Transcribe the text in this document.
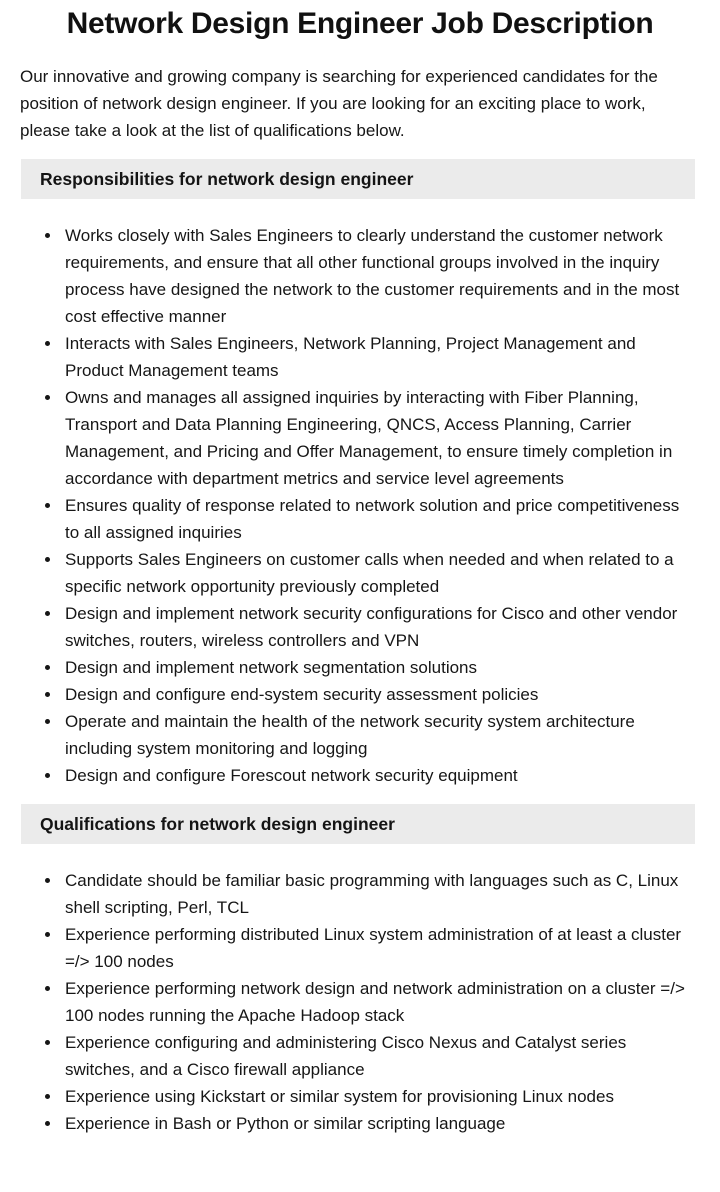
Network Design Engineer Job Description

Our innovative and growing company is searching for experienced candidates for the position of network design engineer. If you are looking for an exciting place to work, please take a look at the list of qualifications below.

Responsibilities for network design engineer
• Works closely with Sales Engineers to clearly understand the customer network requirements, and ensure that all other functional groups involved in the inquiry process have designed the network to the customer requirements and in the most cost effective manner
• Interacts with Sales Engineers, Network Planning, Project Management and Product Management teams
• Owns and manages all assigned inquiries by interacting with Fiber Planning, Transport and Data Planning Engineering, QNCS, Access Planning, Carrier Management, and Pricing and Offer Management, to ensure timely completion in accordance with department metrics and service level agreements
• Ensures quality of response related to network solution and price competitiveness to all assigned inquiries
• Supports Sales Engineers on customer calls when needed and when related to a specific network opportunity previously completed
• Design and implement network security configurations for Cisco and other vendor switches, routers, wireless controllers and VPN
• Design and implement network segmentation solutions
• Design and configure end-system security assessment policies
• Operate and maintain the health of the network security system architecture including system monitoring and logging
• Design and configure Forescout network security equipment
Qualifications for network design engineer
• Candidate should be familiar basic programming with languages such as C, Linux shell scripting, Perl, TCL
• Experience performing distributed Linux system administration of at least a cluster =/> 100 nodes
• Experience performing network design and network administration on a cluster =/> 100 nodes running the Apache Hadoop stack
• Experience configuring and administering Cisco Nexus and Catalyst series switches, and a Cisco firewall appliance
• Experience using Kickstart or similar system for provisioning Linux nodes
• Experience in Bash or Python or similar scripting language
